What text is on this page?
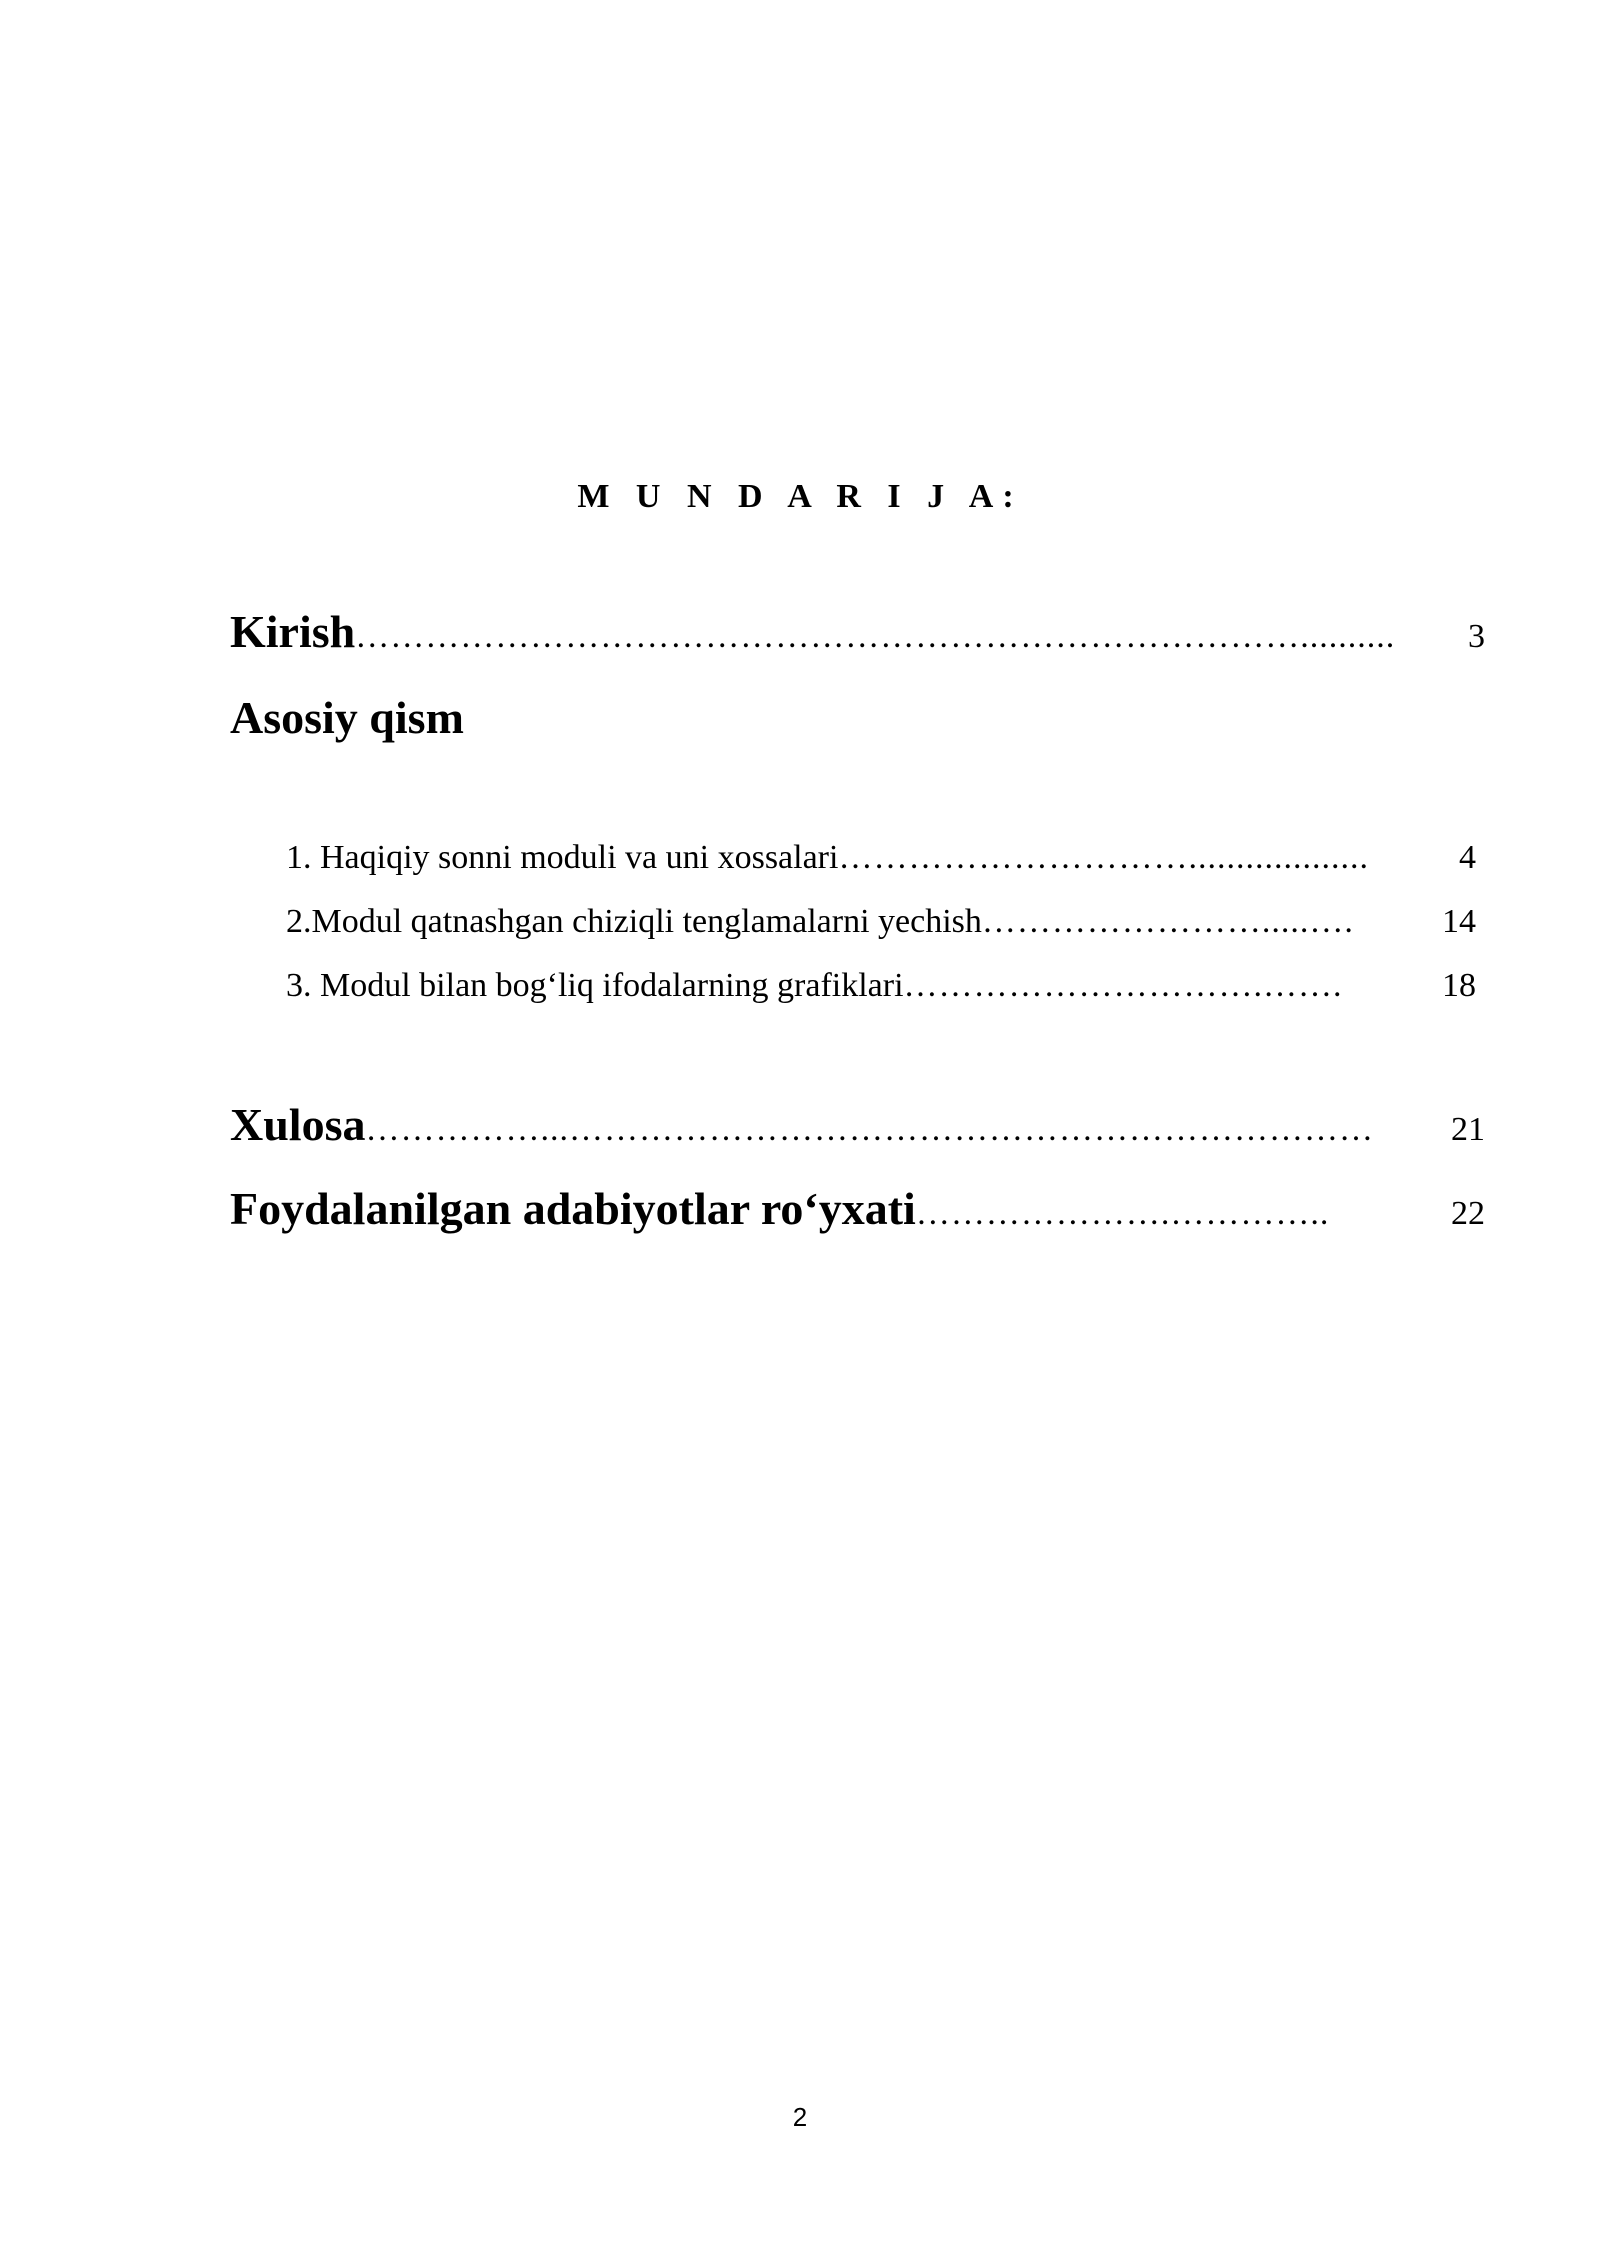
M U N D A R I J A:
Kirish ………………………………………………………………………..........	3
Asosiy qism
1. Haqiqiy sonni moduli va uni xossalari …………………………...................	4
2.Modul qatnashgan chiziqli tenglamalarni yechish …………………….....….	14
3. Modul bilan bog‘liq ifodalarning grafiklari ………………………….…….	18
Xulosa ……………...……………………………………………………………	21
Foydalanilgan adabiyotlar ro‘yxati ………………….…………..	22
2
